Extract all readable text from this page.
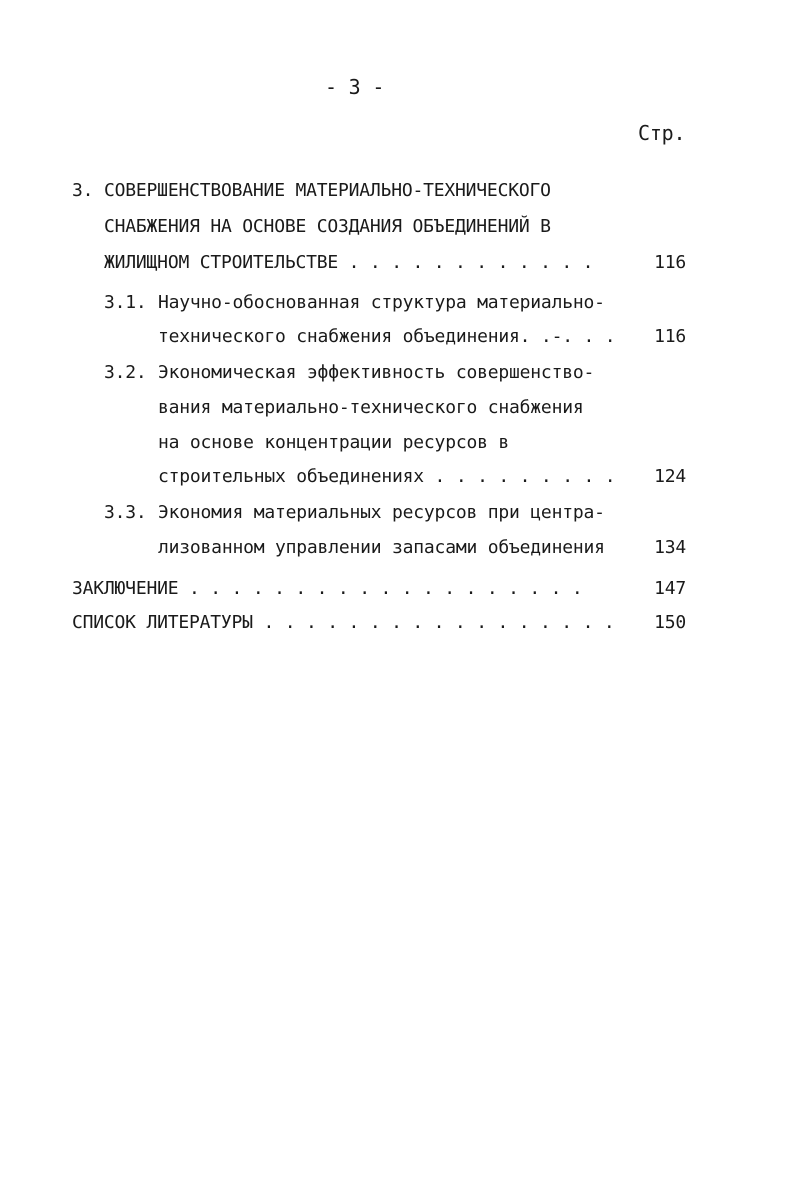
- 3 -
Стр.
3. СОВЕРШЕНСТВОВАНИЕ МАТЕРИАЛЬНО-ТЕХНИЧЕСКОГО
СНАБЖЕНИЯ НА ОСНОВЕ СОЗДАНИЯ ОБЪЕДИНЕНИЙ В
ЖИЛИЩНОМ СТРОИТЕЛЬСТВЕ . . . . . . . . . . . .	116
3.1. Научно-обоснованная структура материально-
технического снабжения объединения. .-. . .	116
3.2. Экономическая эффективность совершенство-
вания материально-технического снабжения
на основе концентрации ресурсов в
строительных объединениях . . . . . . . . .	124
3.3. Экономия материальных ресурсов при центра-
лизованном управлении запасами объединения	134
ЗАКЛЮЧЕНИЕ . . . . . . . . . . . . . . . . . . .	147
СПИСОК ЛИТЕРАТУРЫ . . . . . . . . . . . . . . . . .	150
